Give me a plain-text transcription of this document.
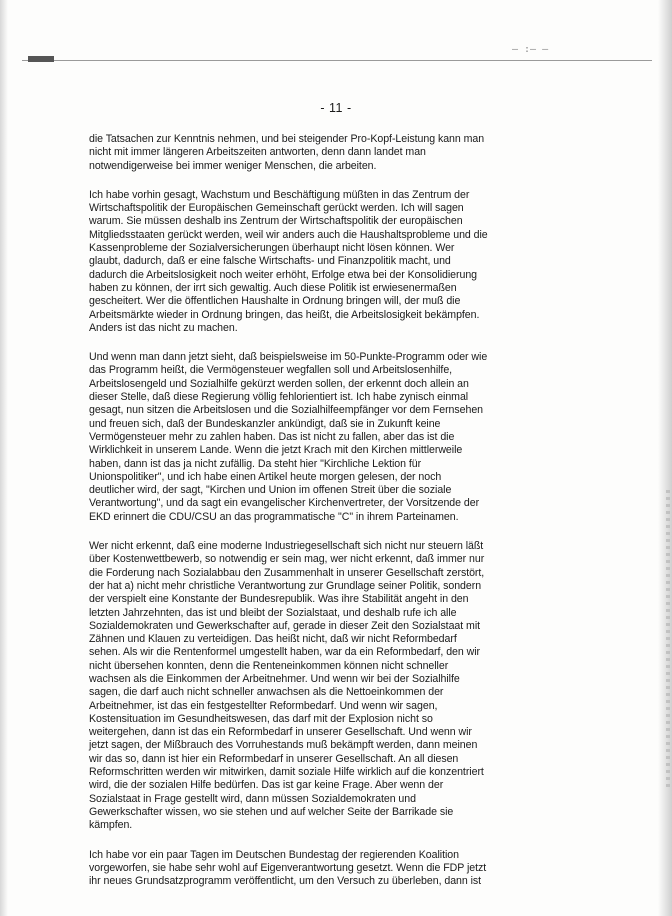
— :— —
- 11 -

die Tatsachen zur Kenntnis nehmen, und bei steigender Pro-Kopf-Leistung kann man
nicht mit immer längeren Arbeitszeiten antworten, denn dann landet man
notwendigerweise bei immer weniger Menschen, die arbeiten.

Ich habe vorhin gesagt, Wachstum und Beschäftigung müßten in das Zentrum der
Wirtschaftspolitik der Europäischen Gemeinschaft gerückt werden. Ich will sagen
warum. Sie müssen deshalb ins Zentrum der Wirtschaftspolitik der europäischen
Mitgliedsstaaten gerückt werden, weil wir anders auch die Haushaltsprobleme und die
Kassenprobleme der Sozialversicherungen überhaupt nicht lösen können. Wer
glaubt, dadurch, daß er eine falsche Wirtschafts- und Finanzpolitik macht, und
dadurch die Arbeitslosigkeit noch weiter erhöht, Erfolge etwa bei der Konsolidierung
haben zu können, der irrt sich gewaltig. Auch diese Politik ist erwiesenermaßen
gescheitert. Wer die öffentlichen Haushalte in Ordnung bringen will, der muß die
Arbeitsmärkte wieder in Ordnung bringen, das heißt, die Arbeitslosigkeit bekämpfen.
Anders ist das nicht zu machen.

Und wenn man dann jetzt sieht, daß beispielsweise im 50-Punkte-Programm oder wie
das Programm heißt, die Vermögensteuer wegfallen soll und Arbeitslosenhilfe,
Arbeitslosengeld und Sozialhilfe gekürzt werden sollen, der erkennt doch allein an
dieser Stelle, daß diese Regierung völlig fehlorientiert ist. Ich habe zynisch einmal
gesagt, nun sitzen die Arbeitslosen und die Sozialhilfeempfänger vor dem Fernsehen
und freuen sich, daß der Bundeskanzler ankündigt, daß sie in Zukunft keine
Vermögensteuer mehr zu zahlen haben. Das ist nicht zu fallen, aber das ist die
Wirklichkeit in unserem Lande. Wenn die jetzt Krach mit den Kirchen mittlerweile
haben, dann ist das ja nicht zufällig. Da steht hier "Kirchliche Lektion für
Unionspolitiker", und ich habe einen Artikel heute morgen gelesen, der noch
deutlicher wird, der sagt, "Kirchen und Union im offenen Streit über die soziale
Verantwortung", und da sagt ein evangelischer Kirchenvertreter, der Vorsitzende der
EKD erinnert die CDU/CSU an das programmatische "C" in ihrem Parteinamen.

Wer nicht erkennt, daß eine moderne Industriegesellschaft sich nicht nur steuern läßt
über Kostenwettbewerb, so notwendig er sein mag, wer nicht erkennt, daß immer nur
die Forderung nach Sozialabbau den Zusammenhalt in unserer Gesellschaft zerstört,
der hat a) nicht mehr christliche Verantwortung zur Grundlage seiner Politik, sondern
der verspielt eine Konstante der Bundesrepublik. Was ihre Stabilität angeht in den
letzten Jahrzehnten, das ist und bleibt der Sozialstaat, und deshalb rufe ich alle
Sozialdemokraten und Gewerkschafter auf, gerade in dieser Zeit den Sozialstaat mit
Zähnen und Klauen zu verteidigen. Das heißt nicht, daß wir nicht Reformbedarf
sehen. Als wir die Rentenformel umgestellt haben, war da ein Reformbedarf, den wir
nicht übersehen konnten, denn die Renteneinkommen können nicht schneller
wachsen als die Einkommen der Arbeitnehmer. Und wenn wir bei der Sozialhilfe
sagen, die darf auch nicht schneller anwachsen als die Nettoeinkommen der
Arbeitnehmer, ist das ein festgestellter Reformbedarf. Und wenn wir sagen,
Kostensituation im Gesundheitswesen, das darf mit der Explosion nicht so
weitergehen, dann ist das ein Reformbedarf in unserer Gesellschaft. Und wenn wir
jetzt sagen, der Mißbrauch des Vorruhestands muß bekämpft werden, dann meinen
wir das so, dann ist hier ein Reformbedarf in unserer Gesellschaft. An all diesen
Reformschritten werden wir mitwirken, damit soziale Hilfe wirklich auf die konzentriert
wird, die der sozialen Hilfe bedürfen. Das ist gar keine Frage. Aber wenn der
Sozialstaat in Frage gestellt wird, dann müssen Sozialdemokraten und
Gewerkschafter wissen, wo sie stehen und auf welcher Seite der Barrikade sie
kämpfen.

Ich habe vor ein paar Tagen im Deutschen Bundestag der regierenden Koalition
vorgeworfen, sie habe sehr wohl auf Eigenverantwortung gesetzt. Wenn die FDP jetzt
ihr neues Grundsatzprogramm veröffentlicht, um den Versuch zu überleben, dann ist
